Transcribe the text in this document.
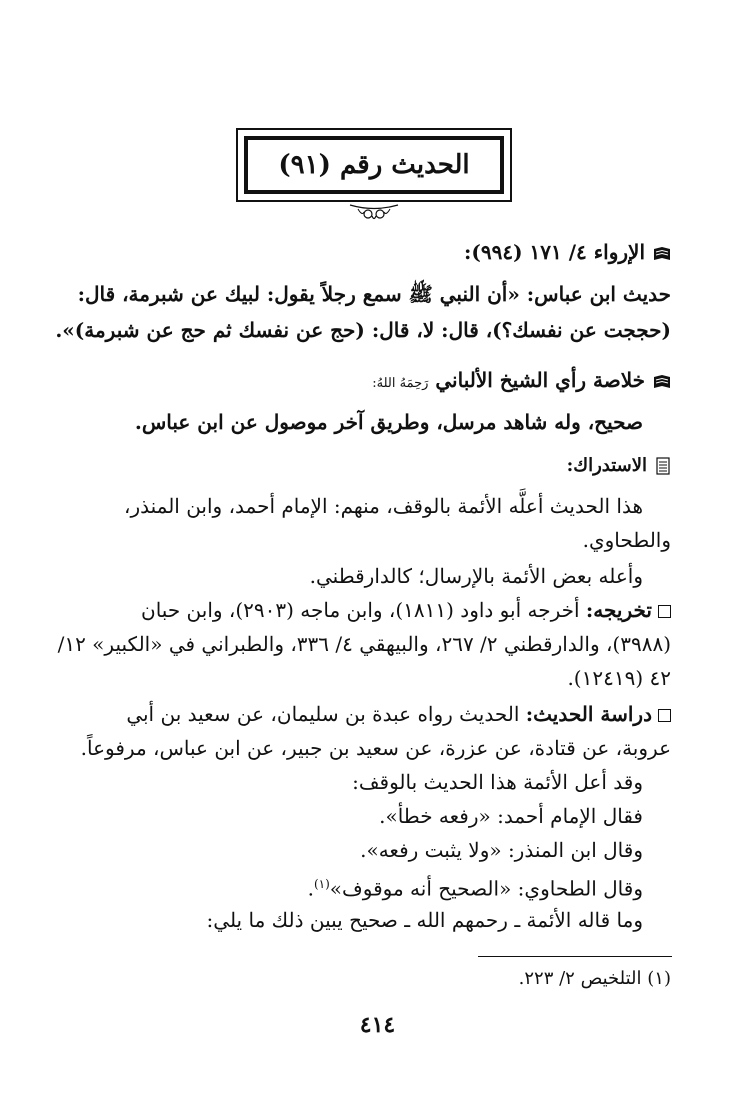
الحديث رقم (٩١)
الإرواء ٤/ ١٧١ (٩٩٤):
حديث ابن عباس: «أن النبي ﷺ سمع رجلاً يقول: لبيك عن شبرمة، قال:
(حججت عن نفسك؟)، قال: لا، قال: (حج عن نفسك ثم حج عن شبرمة)».
خلاصة رأي الشيخ الألباني رَحِمَهُ اللهُ:
صحيح، وله شاهد مرسل، وطريق آخر موصول عن ابن عباس.
الاستدراك:
هذا الحديث أعلَّه الأئمة بالوقف، منهم: الإمام أحمد، وابن المنذر،
والطحاوي.
وأعله بعض الأئمة بالإرسال؛ كالدارقطني.
تخريجه: أخرجه أبو داود (١٨١١)، وابن ماجه (٢٩٠٣)، وابن حبان
(٣٩٨٨)، والدارقطني ٢/ ٢٦٧، والبيهقي ٤/ ٣٣٦، والطبراني في «الكبير» ١٢/
٤٢ (١٢٤١٩).
دراسة الحديث: الحديث رواه عبدة بن سليمان، عن سعيد بن أبي
عروبة، عن قتادة، عن عزرة، عن سعيد بن جبير، عن ابن عباس، مرفوعاً.
وقد أعل الأئمة هذا الحديث بالوقف:
فقال الإمام أحمد: «رفعه خطأ».
وقال ابن المنذر: «ولا يثبت رفعه».
وقال الطحاوي: «الصحيح أنه موقوف»$^{(١)}$.
وما قاله الأئمة ـ رحمهم الله ـ صحيح يبين ذلك ما يلي:
(١) التلخيص ٢/ ٢٢٣.
٤١٤
